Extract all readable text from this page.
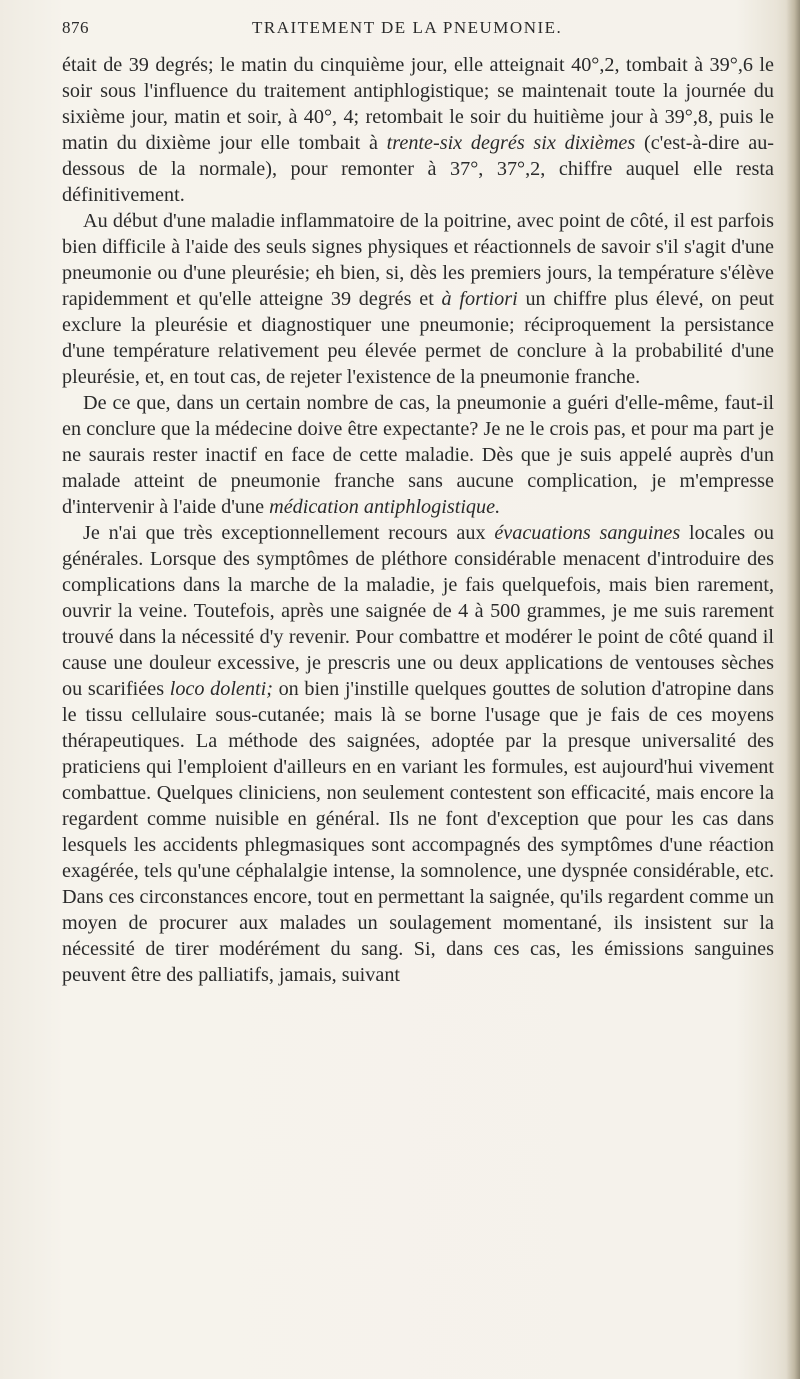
876	TRAITEMENT DE LA PNEUMONIE.

était de 39 degrés; le matin du cinquième jour, elle atteignait 40°,2, tombait à 39°,6 le soir sous l'influence du traitement antiphlogistique; se maintenait toute la journée du sixième jour, matin et soir, à 40°, 4; retombait le soir du huitième jour à 39°,8, puis le matin du dixième jour elle tombait à trente-six degrés six dixièmes (c'est-à-dire au-dessous de la normale), pour remonter à 37°, 37°,2, chiffre auquel elle resta définitivement.

Au début d'une maladie inflammatoire de la poitrine, avec point de côté, il est parfois bien difficile à l'aide des seuls signes physiques et réactionnels de savoir s'il s'agit d'une pneumonie ou d'une pleurésie; eh bien, si, dès les premiers jours, la température s'élève rapidemment et qu'elle atteigne 39 degrés et à fortiori un chiffre plus élevé, on peut exclure la pleurésie et diagnostiquer une pneumonie; réciproquement la persistance d'une température relativement peu élevée permet de conclure à la probabilité d'une pleurésie, et, en tout cas, de rejeter l'existence de la pneumonie franche.

De ce que, dans un certain nombre de cas, la pneumonie a guéri d'elle-même, faut-il en conclure que la médecine doive être expectante? Je ne le crois pas, et pour ma part je ne saurais rester inactif en face de cette maladie. Dès que je suis appelé auprès d'un malade atteint de pneumonie franche sans aucune complication, je m'empresse d'intervenir à l'aide d'une médication antiphlogistique.

Je n'ai que très exceptionnellement recours aux évacuations sanguines locales ou générales. Lorsque des symptômes de pléthore considérable menacent d'introduire des complications dans la marche de la maladie, je fais quelquefois, mais bien rarement, ouvrir la veine. Toutefois, après une saignée de 4 à 500 grammes, je me suis rarement trouvé dans la nécessité d'y revenir. Pour combattre et modérer le point de côté quand il cause une douleur excessive, je prescris une ou deux applications de ventouses sèches ou scarifiées loco dolenti; on bien j'instille quelques gouttes de solution d'atropine dans le tissu cellulaire sous-cutanée; mais là se borne l'usage que je fais de ces moyens thérapeutiques. La méthode des saignées, adoptée par la presque universalité des praticiens qui l'emploient d'ailleurs en en variant les formules, est aujourd'hui vivement combattue. Quelques cliniciens, non seulement contestent son efficacité, mais encore la regardent comme nuisible en général. Ils ne font d'exception que pour les cas dans lesquels les accidents phlegmasiques sont accompagnés des symptômes d'une réaction exagérée, tels qu'une céphalalgie intense, la somnolence, une dyspnée considérable, etc. Dans ces circonstances encore, tout en permettant la saignée, qu'ils regardent comme un moyen de procurer aux malades un soulagement momentané, ils insistent sur la nécessité de tirer modérément du sang. Si, dans ces cas, les émissions sanguines peuvent être des palliatifs, jamais, suivant
